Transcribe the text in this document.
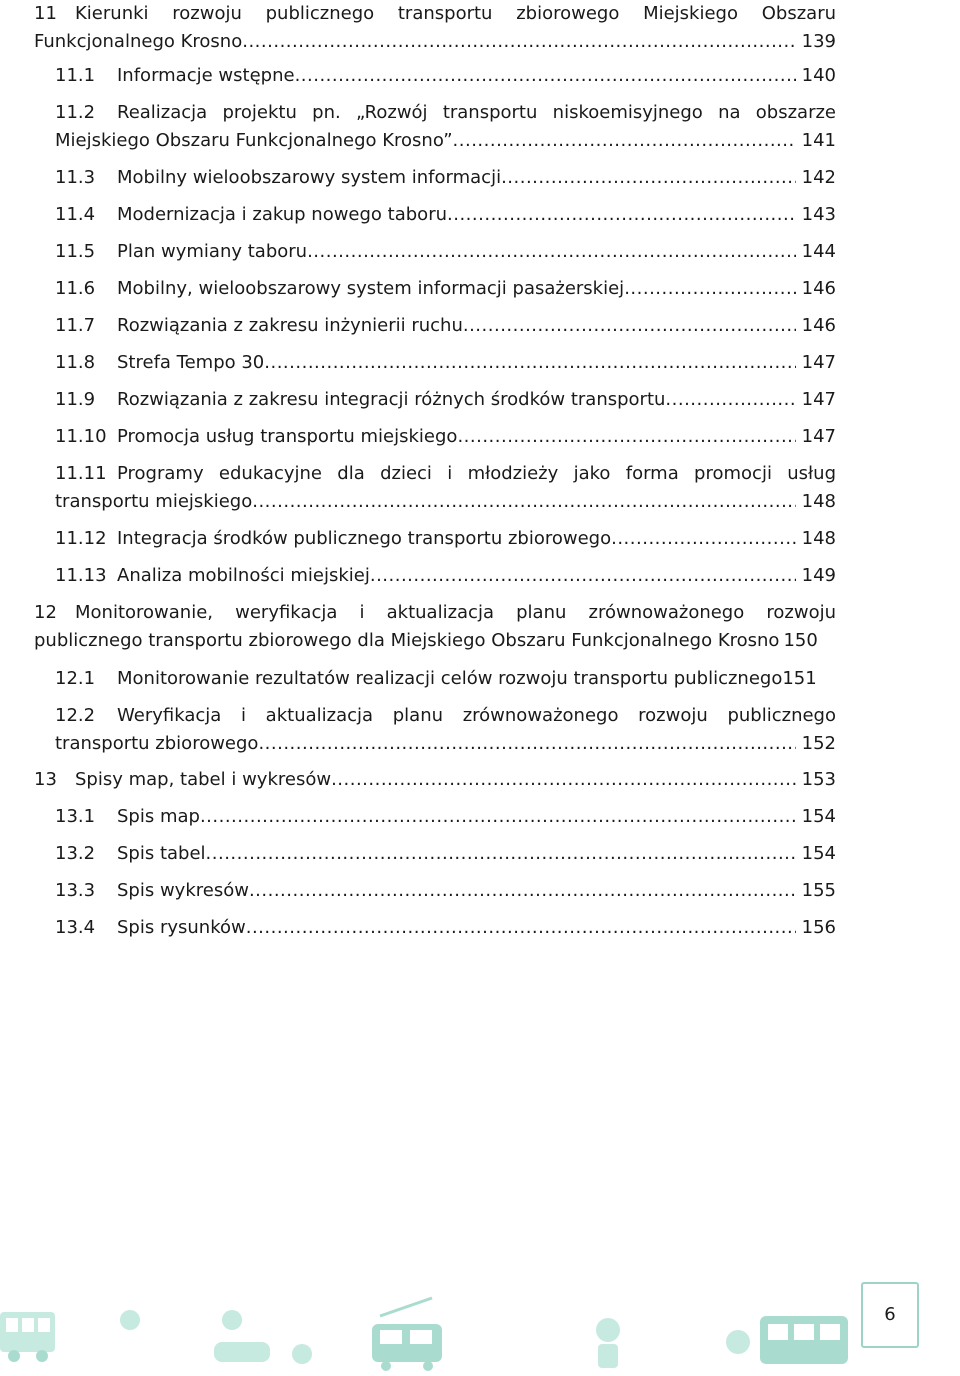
11	Kierunki rozwoju publicznego transportu zbiorowego Miejskiego Obszaru
Funkcjonalnego Krosno .....	139
11.1	Informacje wstępne .....	140
11.2	Realizacja projektu pn. „Rozwój transportu niskoemisyjnego na obszarze
Miejskiego Obszaru Funkcjonalnego Krosno” .....	141
11.3	Mobilny wieloobszarowy system informacji .....	142
11.4	Modernizacja i zakup nowego taboru .....	143
11.5	Plan wymiany taboru .....	144
11.6	Mobilny, wieloobszarowy system informacji pasażerskiej .....	146
11.7	Rozwiązania z zakresu inżynierii ruchu .....	146
11.8	Strefa Tempo 30 .....	147
11.9	Rozwiązania z zakresu integracji różnych środków transportu .....	147
11.10 Promocja usług transportu miejskiego .....	147
11.11 Programy edukacyjne dla dzieci i młodzieży jako forma promocji usług
transportu miejskiego .....	148
11.12 Integracja środków publicznego transportu zbiorowego .....	148
11.13 Analiza mobilności miejskiej .....	149
12	Monitorowanie, weryfikacja i aktualizacja planu zrównoważonego rozwoju
publicznego transportu zbiorowego dla Miejskiego Obszaru Funkcjonalnego Krosno 150
12.1	Monitorowanie rezultatów realizacji celów rozwoju transportu publicznego 151
12.2	Weryfikacja i aktualizacja planu zrównoważonego rozwoju publicznego
transportu zbiorowego .....	152
13	Spisy map, tabel i wykresów .....	153
13.1	Spis map .....	154
13.2	Spis tabel .....	154
13.3	Spis wykresów .....	155
13.4	Spis rysunków .....	156
6
